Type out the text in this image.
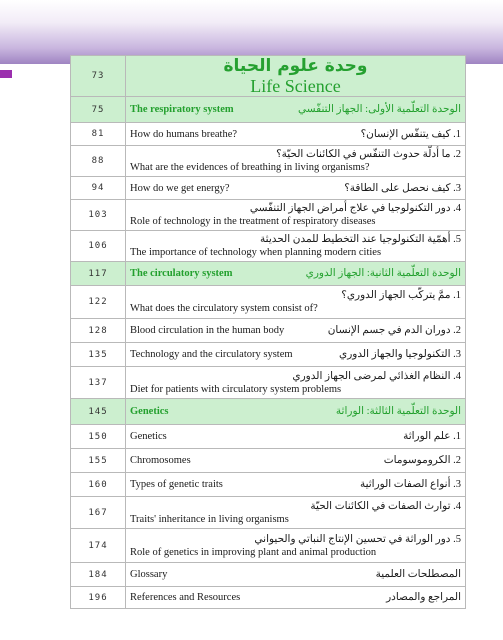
73	وحدة علوم الحياة
Life Science

75	The respiratory system الوحدة التعلّمية الأولى: الجهاز التنفّسي

81	How do humans breathe? 1. كيف يتنفّس الإنسان؟

88	2. ما أدلّة حدوث التنفّس في الكائنات الحيّة؟
What are the evidences of breathing in living organisms?

94	How do we get energy? 3. كيف نحصل على الطاقة؟

103	4. دور التكنولوجيا في علاج أمراض الجهاز التنفّسي
Role of technology in the treatment of respiratory diseases

106	5. أهمّية التكنولوجيا عند التخطيط للمدن الحديثة
The importance of technology when planning modern cities

117	The circulatory system الوحدة التعلّمية الثانية: الجهاز الدوري

122	1. ممَّ يتركّب الجهاز الدوري؟
What does the circulatory system consist of?

128	Blood circulation in the human body 2. دوران الدم في جسم الإنسان

135	Technology and the circulatory system 3. التكنولوجيا والجهاز الدوري

137	4. النظام الغذائي لمرضى الجهاز الدوري
Diet for patients with circulatory system problems

145	Genetics الوحدة التعلّمية الثالثة: الوراثة

150	Genetics 1. علم الوراثة

155	Chromosomes 2. الكروموسومات

160	Types of genetic traits 3. أنواع الصفات الوراثية

167	4. توارث الصفات في الكائنات الحيّة
Traits' inheritance in living organisms

174	5. دور الوراثة في تحسين الإنتاج النباتي والحيواني
Role of genetics in improving plant and animal production

184	Glossary المصطلحات العلمية

196	References and Resources المراجع والمصادر
